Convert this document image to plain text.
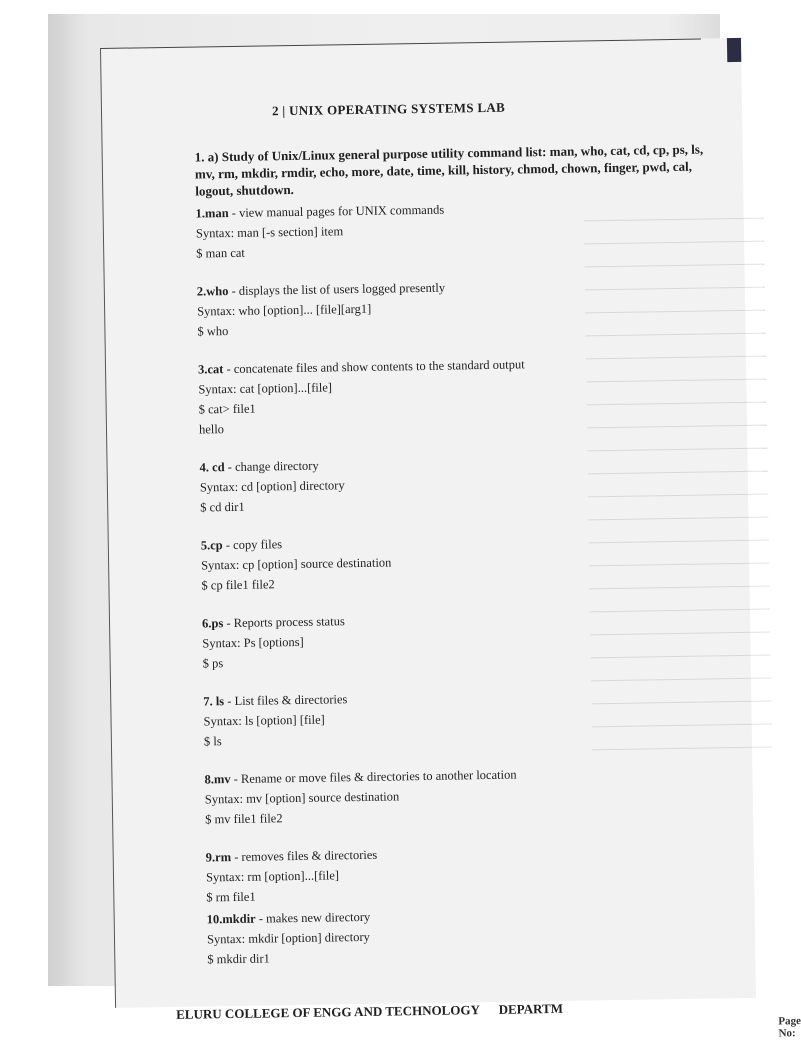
2 | UNIX OPERATING SYSTEMS LAB
1. a) Study of Unix/Linux general purpose utility command list: man, who, cat, cd, cp, ps, ls, mv, rm, mkdir, rmdir, echo, more, date, time, kill, history, chmod, chown, finger, pwd, cal, logout, shutdown.
1.man - view manual pages for UNIX commands
Syntax: man [-s section] item
$ man cat
2.who - displays the list of users logged presently
Syntax: who [option]... [file][arg1]
$ who
3.cat - concatenate files and show contents to the standard output
Syntax: cat [option]...[file]
$ cat> file1
hello
4. cd - change directory
Syntax: cd [option] directory
$ cd dir1
5.cp - copy files
Syntax: cp [option] source destination
$ cp file1 file2
6.ps - Reports process status
Syntax: Ps [options]
$ ps
7. ls - List files & directories
Syntax: ls [option] [file]
$ ls
8.mv - Rename or move files & directories to another location
Syntax: mv [option] source destination
$ mv file1 file2
9.rm - removes files & directories
Syntax: rm [option]...[file]
$ rm file1
10.mkdir - makes new directory
Syntax: mkdir [option] directory
$ mkdir dir1
ELURU COLLEGE OF ENGG AND TECHNOLOGY DEPARTM
Page No:
